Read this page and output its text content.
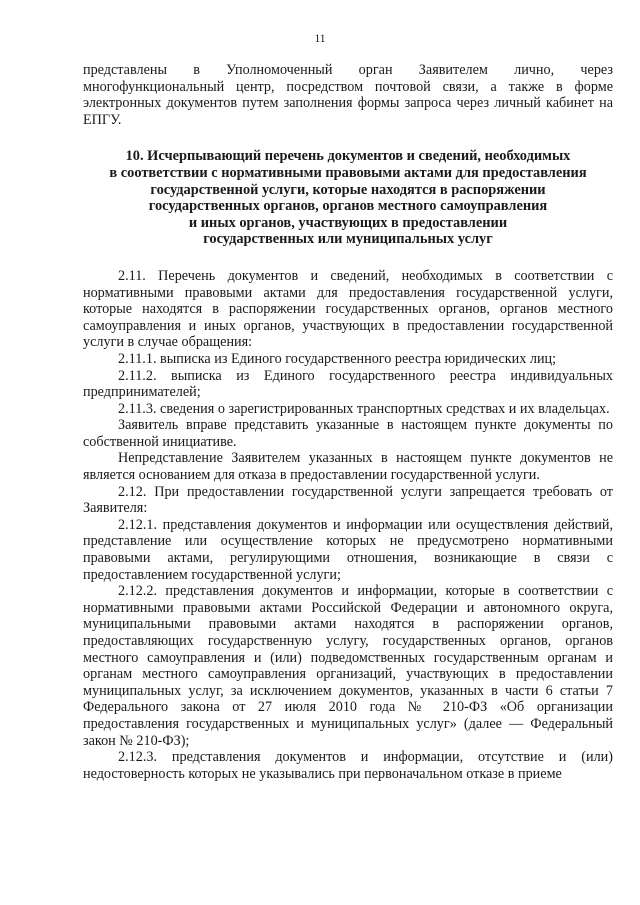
11

представлены в Уполномоченный орган Заявителем лично, через многофункциональный центр, посредством почтовой связи, а также в форме электронных документов путем заполнения формы запроса через личный кабинет на ЕПГУ.

10. Исчерпывающий перечень документов и сведений, необходимых
в соответствии с нормативными правовыми актами для предоставления
государственной услуги, которые находятся в распоряжении
государственных органов, органов местного самоуправления
и иных органов, участвующих в предоставлении
государственных или муниципальных услуг

2.11. Перечень документов и сведений, необходимых в соответствии с нормативными правовыми актами для предоставления государственной услуги, которые находятся в распоряжении государственных органов, органов местного самоуправления и иных органов, участвующих в предоставлении государственной услуги в случае обращения:

2.11.1. выписка из Единого государственного реестра юридических лиц;

2.11.2. выписка из Единого государственного реестра индивидуальных предпринимателей;

2.11.3. сведения о зарегистрированных транспортных средствах и их владельцах.

Заявитель вправе представить указанные в настоящем пункте документы по собственной инициативе.

Непредставление Заявителем указанных в настоящем пункте документов не является основанием для отказа в предоставлении государственной услуги.

2.12. При предоставлении государственной услуги запрещается требовать от Заявителя:

2.12.1. представления документов и информации или осуществления действий, представление или осуществление которых не предусмотрено нормативными правовыми актами, регулирующими отношения, возникающие в связи с предоставлением государственной услуги;

2.12.2. представления документов и информации, которые в соответствии с нормативными правовыми актами Российской Федерации и автономного округа, муниципальными правовыми актами находятся в распоряжении органов, предоставляющих государственную услугу, государственных органов, органов местного самоуправления и (или) подведомственных государственным органам и органам местного самоуправления организаций, участвующих в предоставлении муниципальных услуг, за исключением документов, указанных в части 6 статьи 7 Федерального закона от 27 июля 2010 года № 210-ФЗ «Об организации предоставления государственных и муниципальных услуг» (далее — Федеральный закон № 210-ФЗ);

2.12.3. представления документов и информации, отсутствие и (или) недостоверность которых не указывались при первоначальном отказе в приеме
